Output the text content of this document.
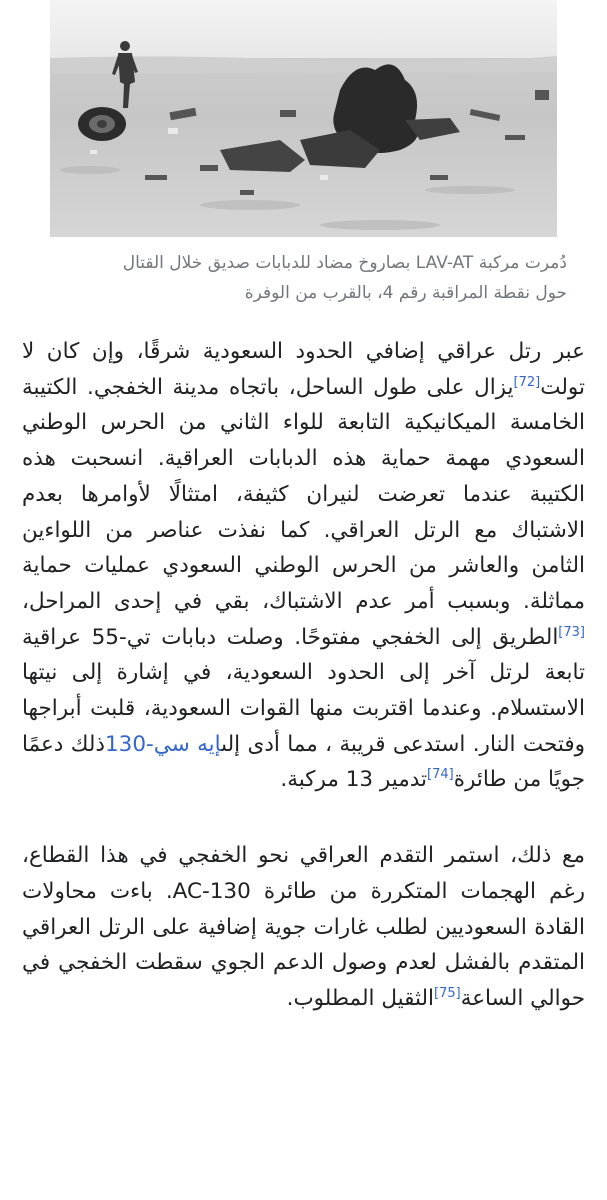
دُمرت مركبة LAV-AT بصاروخ مضاد للدبابات صديق خلال القتال
حول نقطة المراقبة رقم 4، بالقرب من الوفرة

عبر رتل عراقي إضافي الحدود السعودية شرقًا، وإن كان لا تولت[72]يزال على طول الساحل، باتجاه مدينة الخفجي. الكتيبة الخامسة الميكانيكية التابعة للواء الثاني من الحرس الوطني السعودي مهمة حماية هذه الدبابات العراقية. انسحبت هذه الكتيبة عندما تعرضت لنيران كثيفة، امتثالًا لأوامرها بعدم الاشتباك مع الرتل العراقي. كما نفذت عناصر من اللواءين الثامن والعاشر من الحرس الوطني السعودي عمليات حماية مماثلة. وبسبب أمر عدم الاشتباك، بقي في إحدى المراحل،[73]الطريق إلى الخفجي مفتوحًا. وصلت دبابات تي-55 عراقية تابعة لرتل آخر إلى الحدود السعودية، في إشارة إلى نيتها الاستسلام. وعندما اقتربت منها القوات السعودية، قلبت أبراجها وفتحت النار. استدعى قريبة ، مما أدى إلىإيه سي-130ذلك دعمًا جويًا من طائرة[74]تدمير 13 مركبة.

مع ذلك، استمر التقدم العراقي نحو الخفجي في هذا القطاع، رغم الهجمات المتكررة من طائرة AC-130. باءت محاولات القادة السعوديين لطلب غارات جوية إضافية على الرتل العراقي المتقدم بالفشل لعدم وصول الدعم الجوي سقطت الخفجي في حوالي الساعة[75]الثقيل المطلوب.
